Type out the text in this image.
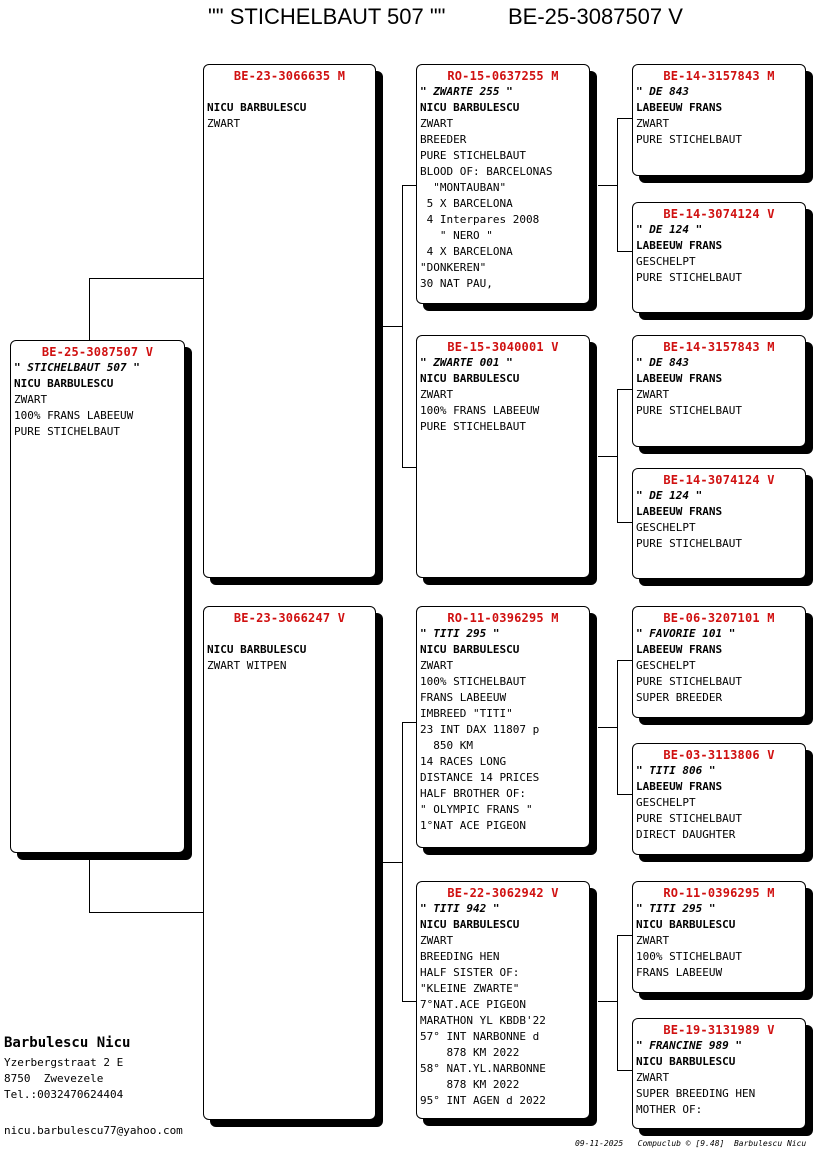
"" STICHELBAUT 507 ""	BE-25-3087507 V
BE-25-3087507 V
" STICHELBAUT 507 "
NICU BARBULESCU
ZWART
100% FRANS LABEEUW
PURE STICHELBAUT
BE-23-3066635 M

NICU BARBULESCU
ZWART
BE-23-3066247 V

NICU BARBULESCU
ZWART WITPEN
RO-15-0637255 M
" ZWARTE 255 "
NICU BARBULESCU
ZWART
BREEDER
PURE STICHELBAUT
BLOOD OF: BARCELONAS
"MONTAUBAN"
5 X BARCELONA
4 Interpares 2008
" NERO "
4 X BARCELONA
"DONKEREN"
30 NAT PAU,
BE-15-3040001 V
" ZWARTE 001 "
NICU BARBULESCU
ZWART
100% FRANS LABEEUW
PURE STICHELBAUT
RO-11-0396295 M
" TITI 295 "
NICU BARBULESCU
ZWART
100% STICHELBAUT
FRANS LABEEUW
IMBREED "TITI"
23 INT DAX 11807 p
850 KM
14 RACES LONG
DISTANCE 14 PRICES
HALF BROTHER OF:
" OLYMPIC FRANS "
1°NAT ACE PIGEON
BE-22-3062942 V
" TITI 942 "
NICU BARBULESCU
ZWART
BREEDING HEN
HALF SISTER OF:
"KLEINE ZWARTE"
7°NAT.ACE PIGEON
MARATHON YL KBDB'22
57° INT NARBONNE d
878 KM 2022
58° NAT.YL.NARBONNE
878 KM 2022
95° INT AGEN d 2022
BE-14-3157843 M
" DE 843
LABEEUW FRANS
ZWART
PURE STICHELBAUT
BE-14-3074124 V
" DE 124 "
LABEEUW FRANS
GESCHELPT
PURE STICHELBAUT
BE-14-3157843 M
" DE 843
LABEEUW FRANS
ZWART
PURE STICHELBAUT
BE-14-3074124 V
" DE 124 "
LABEEUW FRANS
GESCHELPT
PURE STICHELBAUT
BE-06-3207101 M
" FAVORIE 101 "
LABEEUW FRANS
GESCHELPT
PURE STICHELBAUT
SUPER BREEDER
BE-03-3113806 V
" TITI 806 "
LABEEUW FRANS
GESCHELPT
PURE STICHELBAUT
DIRECT DAUGHTER
RO-11-0396295 M
" TITI 295 "
NICU BARBULESCU
ZWART
100% STICHELBAUT
FRANS LABEEUW
BE-19-3131989 V
" FRANCINE 989 "
NICU BARBULESCU
ZWART
SUPER BREEDING HEN
MOTHER OF:
Barbulescu Nicu
Yzerbergstraat 2 E
8750  Zwevezele
Tel.:0032470624404
nicu.barbulescu77@yahoo.com
09-11-2025 Compuclub © [9.48] Barbulescu Nicu
